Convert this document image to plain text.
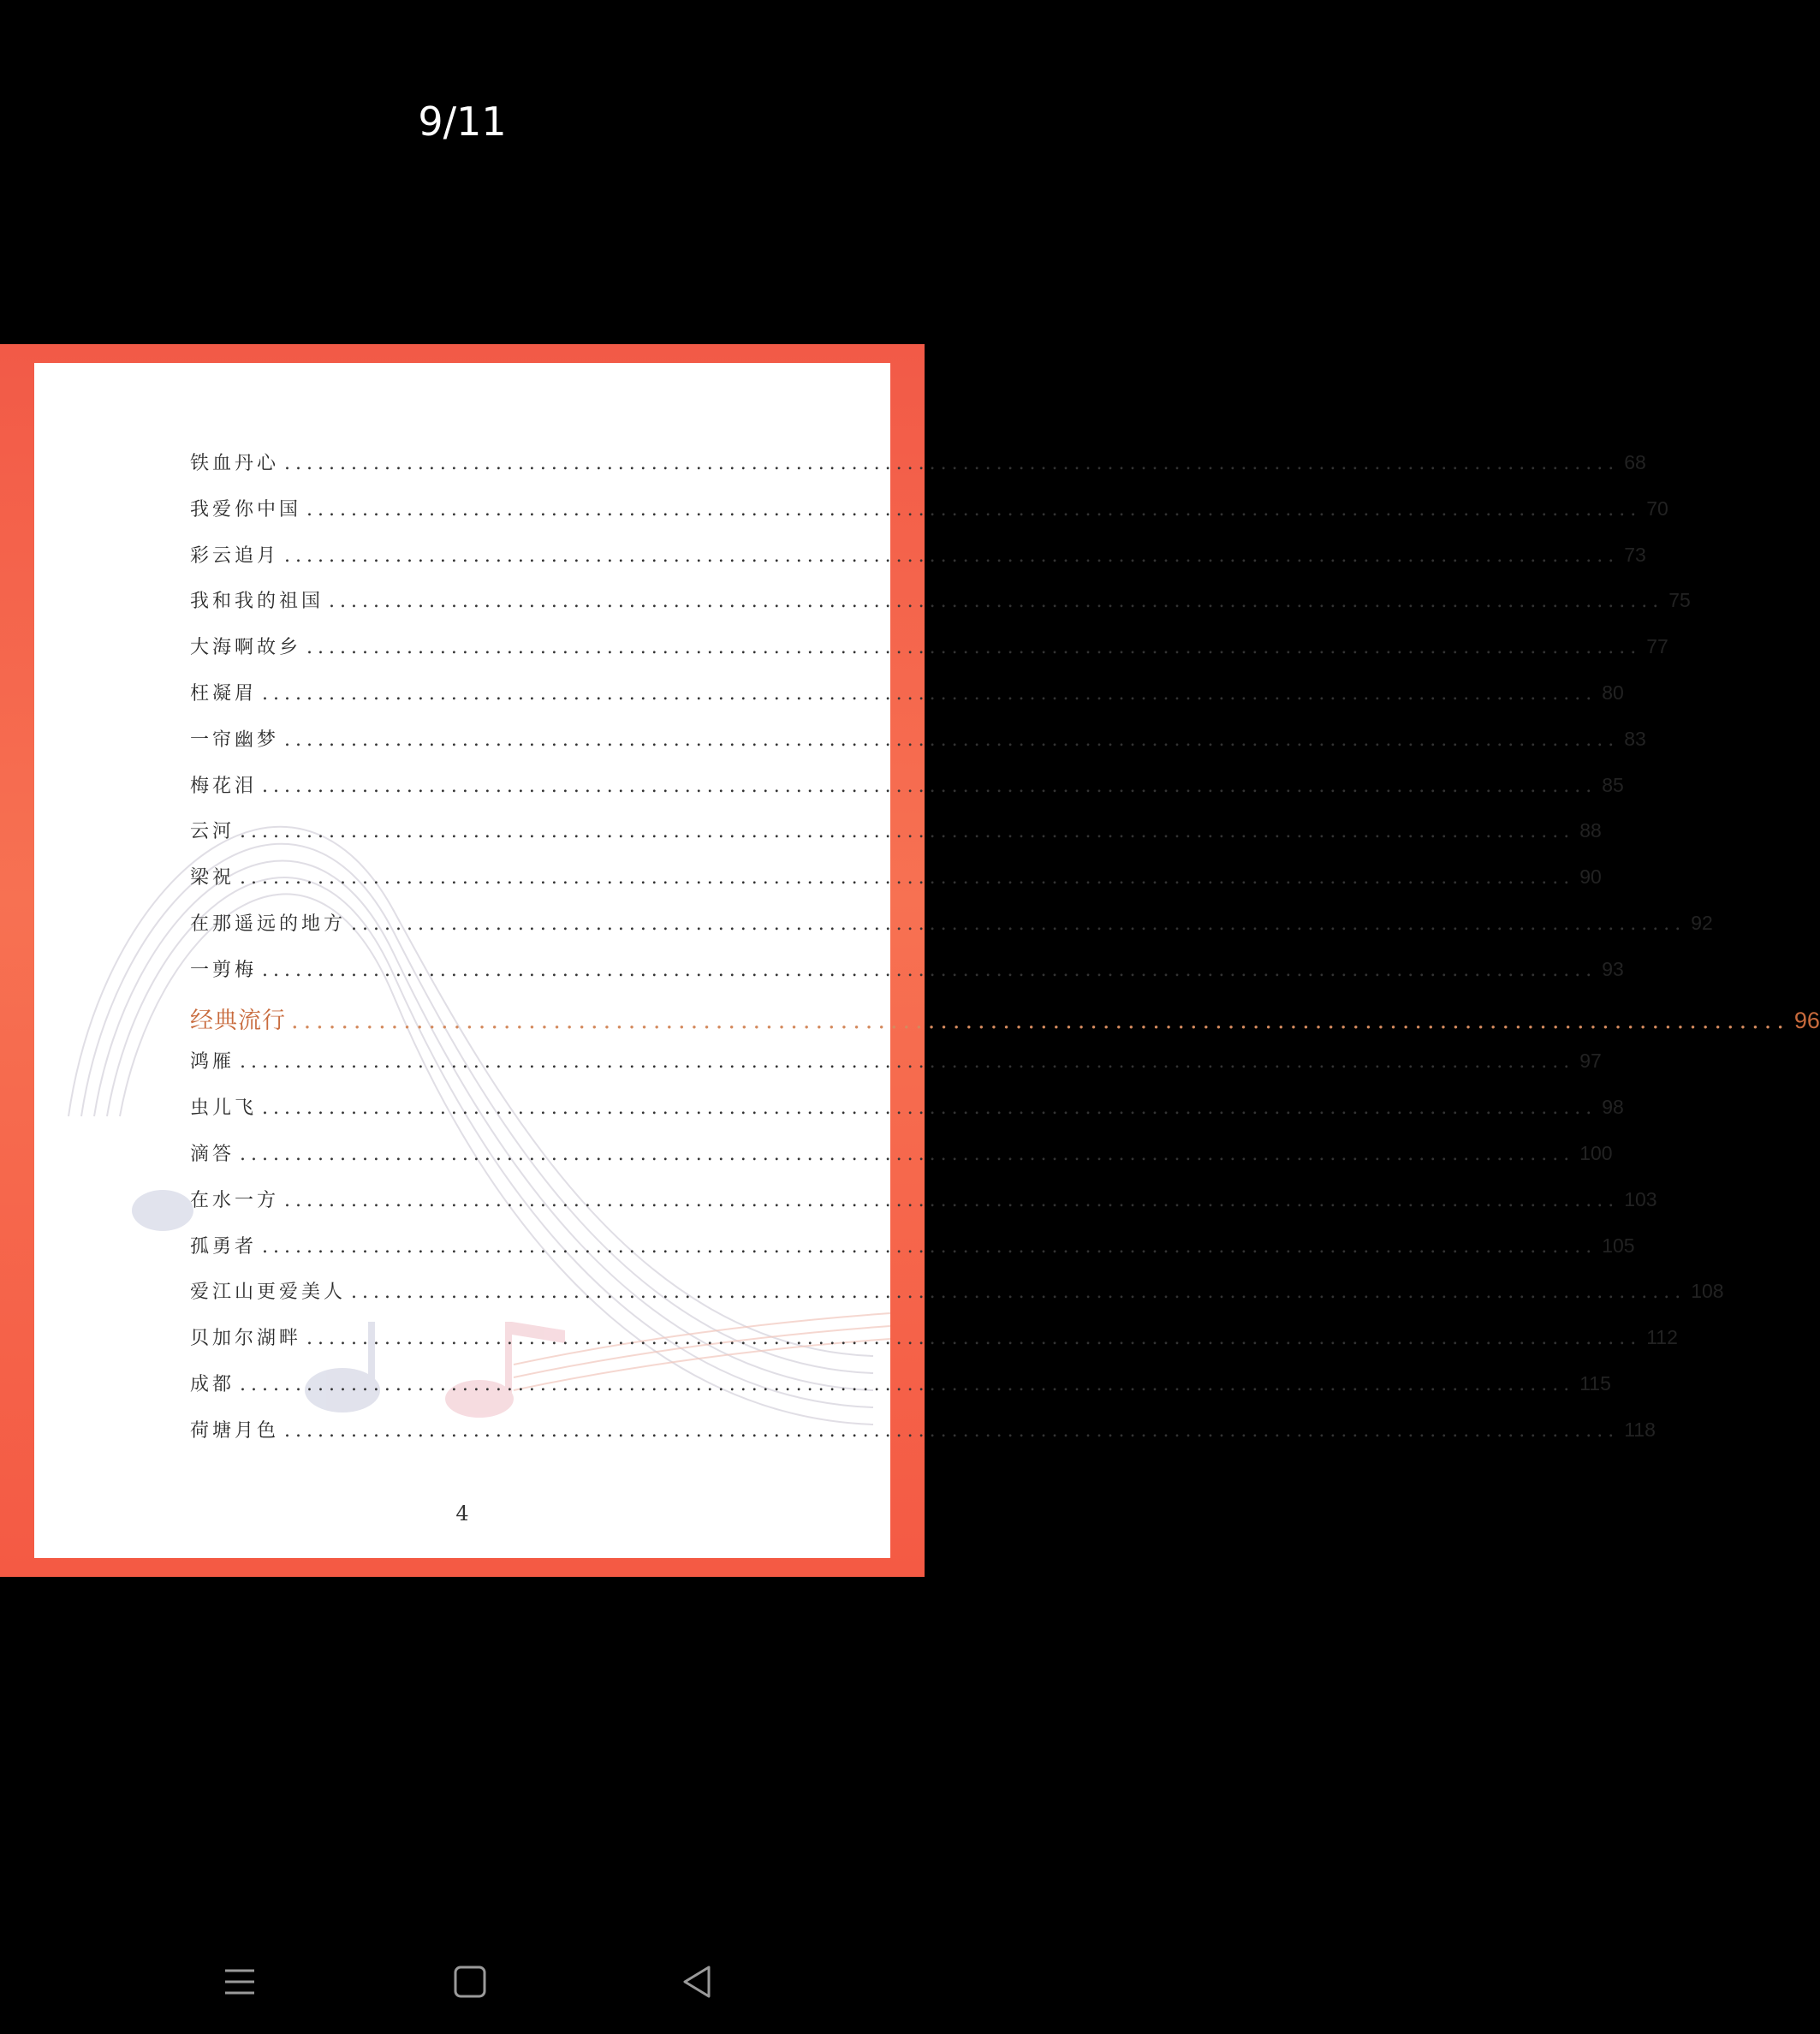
9/11
铁血丹心 ........................................................................................................................ 68
我爱你中国 ........................................................................................................................ 70
彩云追月 ........................................................................................................................ 73
我和我的祖国 ........................................................................................................................ 75
大海啊故乡 ........................................................................................................................ 77
枉凝眉 ........................................................................................................................ 80
一帘幽梦 ........................................................................................................................ 83
梅花泪 ........................................................................................................................ 85
云河 ........................................................................................................................ 88
梁祝 ........................................................................................................................ 90
在那遥远的地方 ........................................................................................................................ 92
一剪梅 ........................................................................................................................ 93
经典流行 ........................................................................................................................ 96
鸿雁 ........................................................................................................................ 97
虫儿飞 ........................................................................................................................ 98
滴答 ........................................................................................................................ 100
在水一方 ........................................................................................................................ 103
孤勇者 ........................................................................................................................ 105
爱江山更爱美人 ........................................................................................................................ 108
贝加尔湖畔 ........................................................................................................................ 112
成都 ........................................................................................................................ 115
荷塘月色 ........................................................................................................................ 118
4
